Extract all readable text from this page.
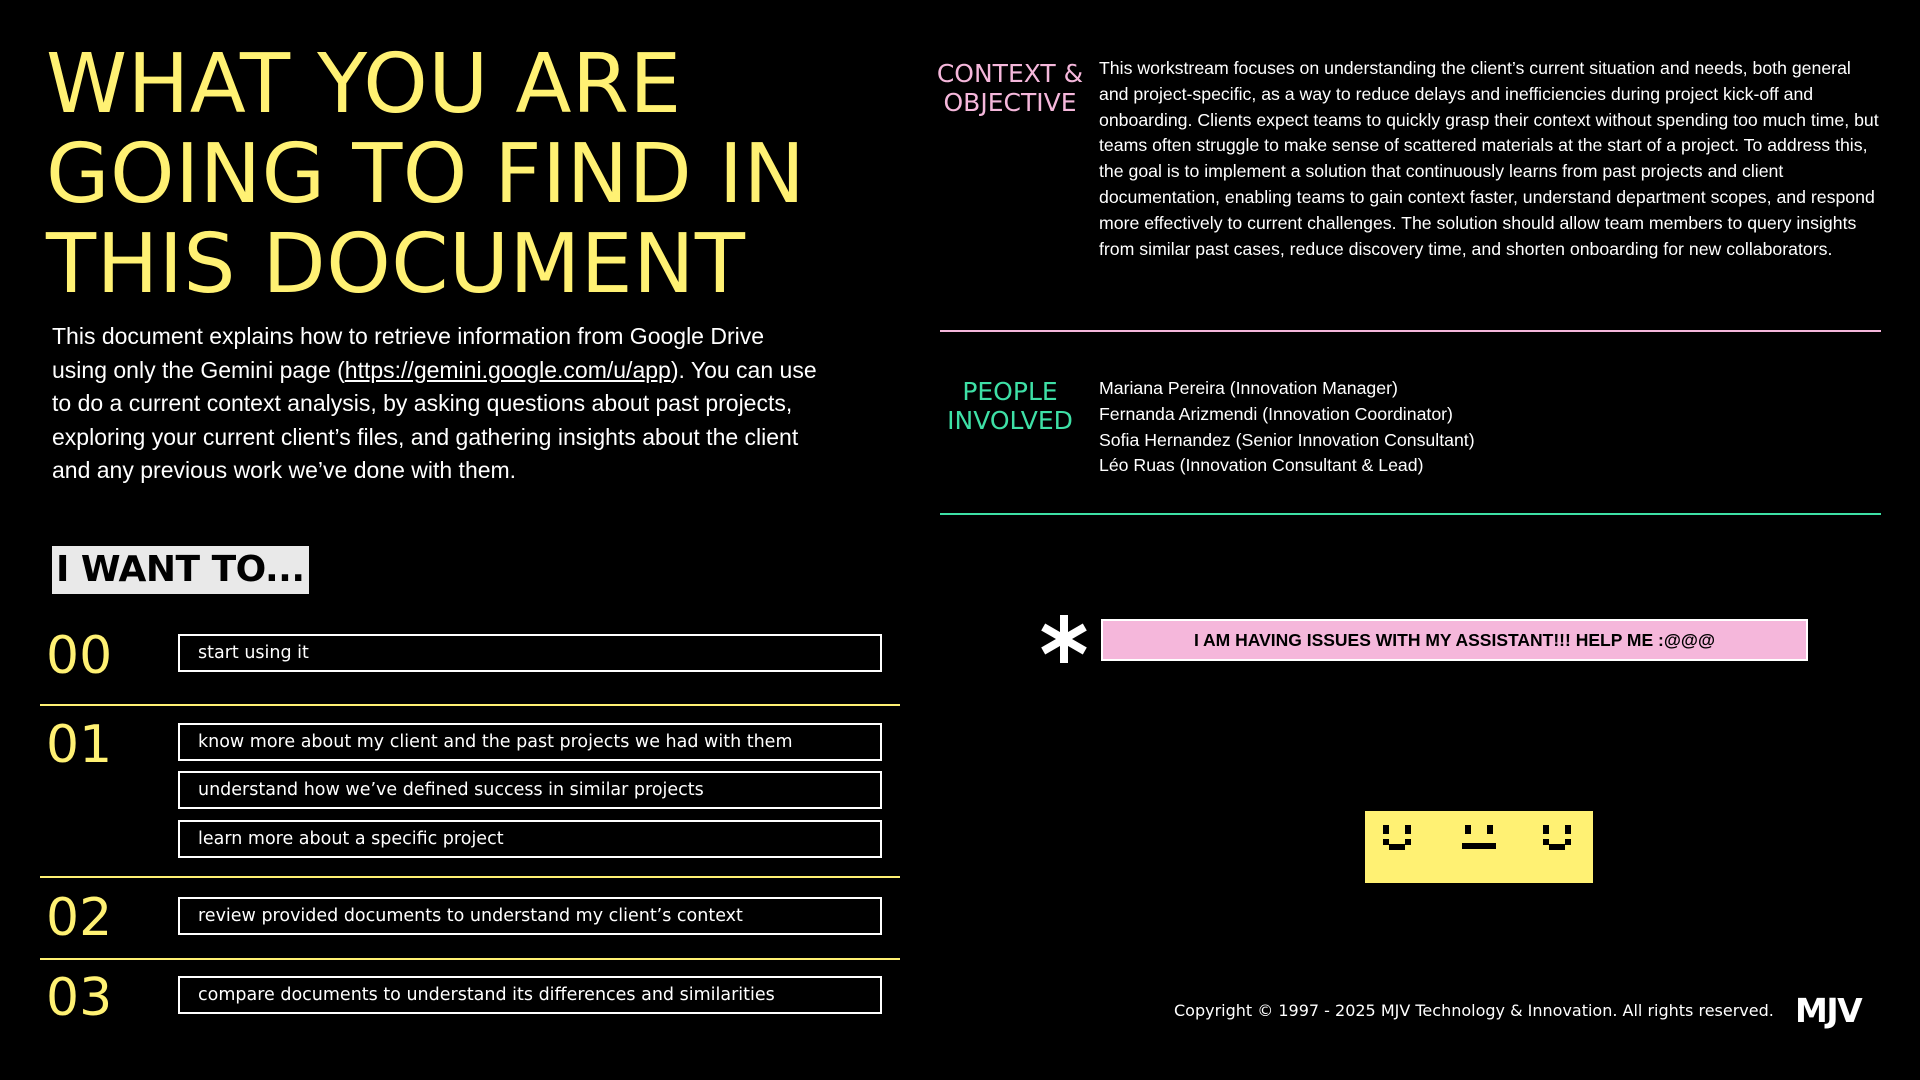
WHAT YOU ARE
GOING TO FIND IN
THIS DOCUMENT
This document explains how to retrieve information from Google Drive using only the Gemini page (https://gemini.google.com/u/app). You can use to do a current context analysis, by asking questions about past projects, exploring your current client’s files, and gathering insights about the client and any previous work we’ve done with them.
I WANT TO...
00	start using it
01	know more about my client and the past projects we had with them
understand how we’ve defined success in similar projects
learn more about a specific project
02	review provided documents to understand my client’s context
03	compare documents to understand its differences and similarities
CONTEXT &
OBJECTIVE
This workstream focuses on understanding the client’s current situation and needs, both general and project-specific, as a way to reduce delays and inefficiencies during project kick-off and onboarding. Clients expect teams to quickly grasp their context without spending too much time, but teams often struggle to make sense of scattered materials at the start of a project. To address this, the goal is to implement a solution that continuously learns from past projects and client documentation, enabling teams to gain context faster, understand department scopes, and respond more effectively to current challenges. The solution should allow team members to query insights from similar past cases, reduce discovery time, and shorten onboarding for new collaborators.
PEOPLE
INVOLVED
Mariana Pereira (Innovation Manager)
Fernanda Arizmendi (Innovation Coordinator)
Sofia Hernandez (Senior Innovation Consultant)
Léo Ruas (Innovation Consultant & Lead)
I AM HAVING ISSUES WITH MY ASSISTANT!!! HELP ME :@@@
Copyright © 1997 - 2025 MJV Technology & Innovation. All rights reserved. MJV
